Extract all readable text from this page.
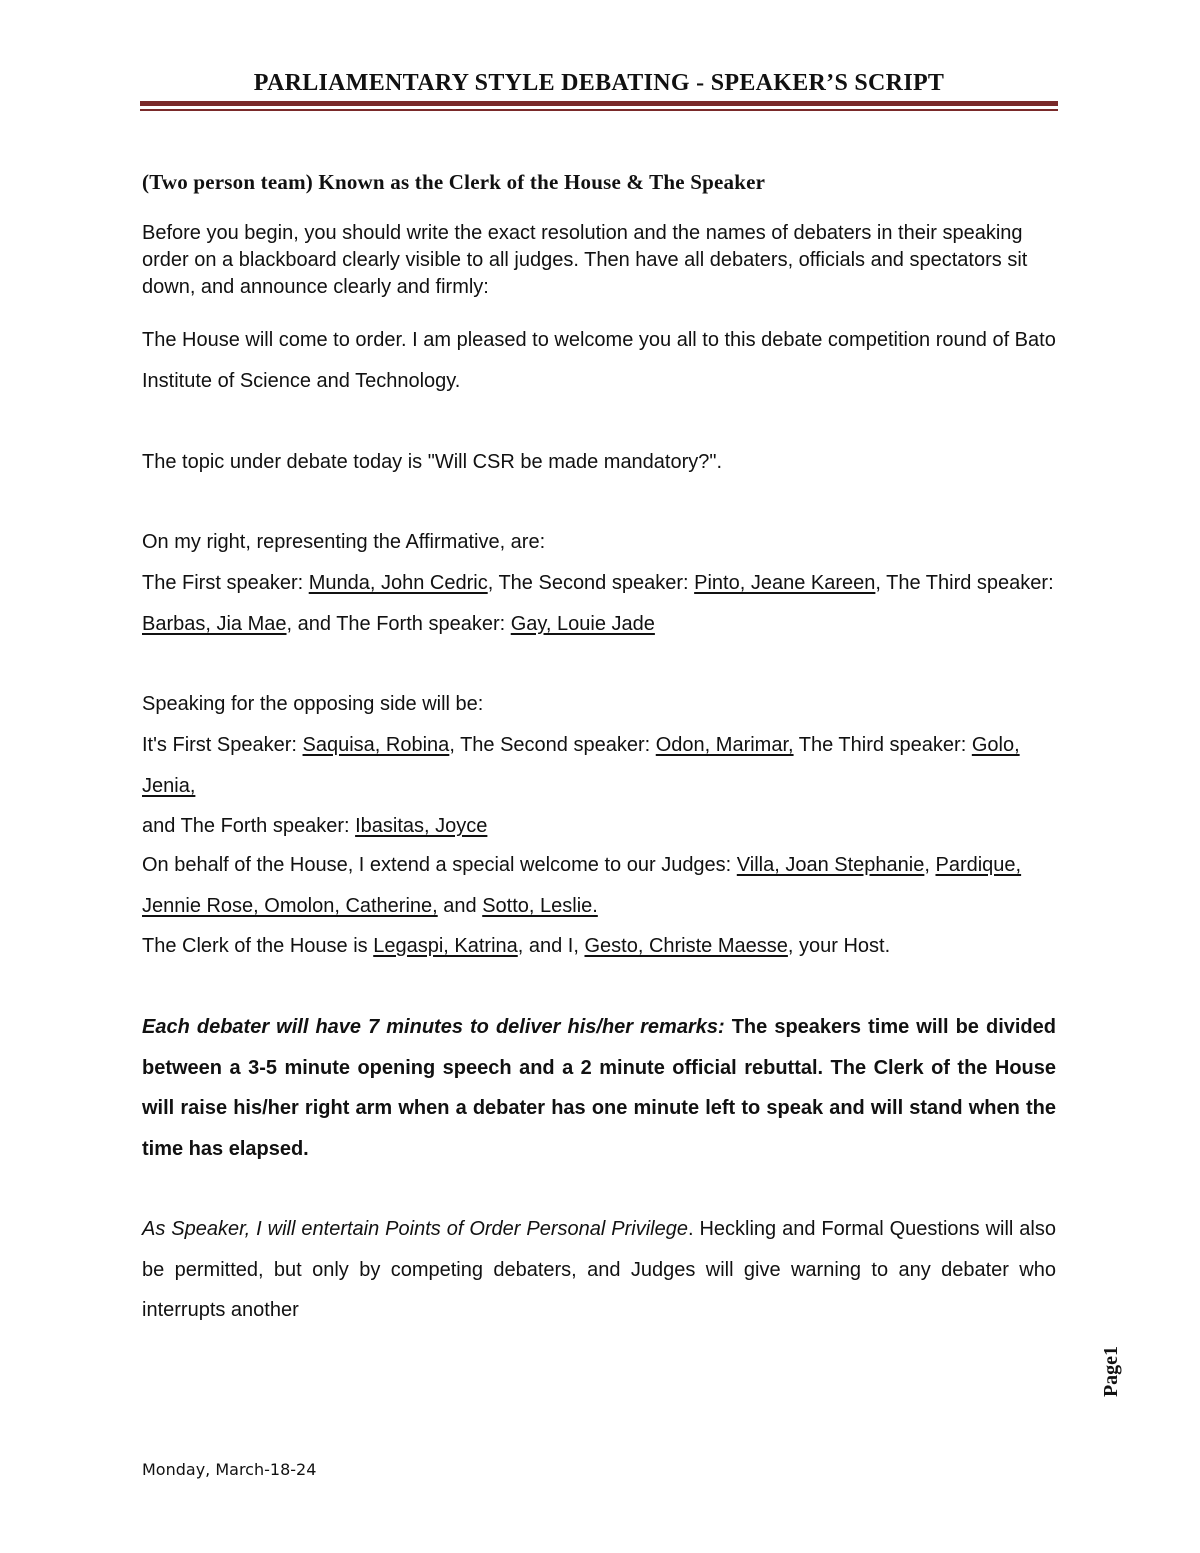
PARLIAMENTARY STYLE DEBATING - SPEAKER’S SCRIPT

(Two person team) Known as the Clerk of the House & The Speaker

Before you begin, you should write the exact resolution and the names of debaters in their speaking order on a blackboard clearly visible to all judges. Then have all debaters, officials and spectators sit down, and announce clearly and firmly:

The House will come to order. I am pleased to welcome you all to this debate competition round of Bato Institute of Science and Technology.

The topic under debate today is "Will CSR be made mandatory?".

On my right, representing the Affirmative, are:

The First speaker: Munda, John Cedric, The Second speaker: Pinto, Jeane Kareen, The Third speaker:
Barbas, Jia Mae, and The Forth speaker: Gay, Louie Jade

Speaking for the opposing side will be:

It's First Speaker: Saquisa, Robina, The Second speaker: Odon, Marimar, The Third speaker: Golo, Jenia,
and The Forth speaker: Ibasitas, Joyce

On behalf of the House, I extend a special welcome to our Judges: Villa, Joan Stephanie, Pardique, Jennie Rose, Omolon, Catherine, and Sotto, Leslie.
The Clerk of the House is Legaspi, Katrina, and I, Gesto, Christe Maesse, your Host.

Each debater will have 7 minutes to deliver his/her remarks: The speakers time will be divided between a 3-5 minute opening speech and a 2 minute official rebuttal. The Clerk of the House will raise his/her right arm when a debater has one minute left to speak and will stand when the time has elapsed.

As Speaker, I will entertain Points of Order Personal Privilege. Heckling and Formal Questions will also be permitted, but only by competing debaters, and Judges will give warning to any debater who interrupts another

Page1
Monday, March-18-24
